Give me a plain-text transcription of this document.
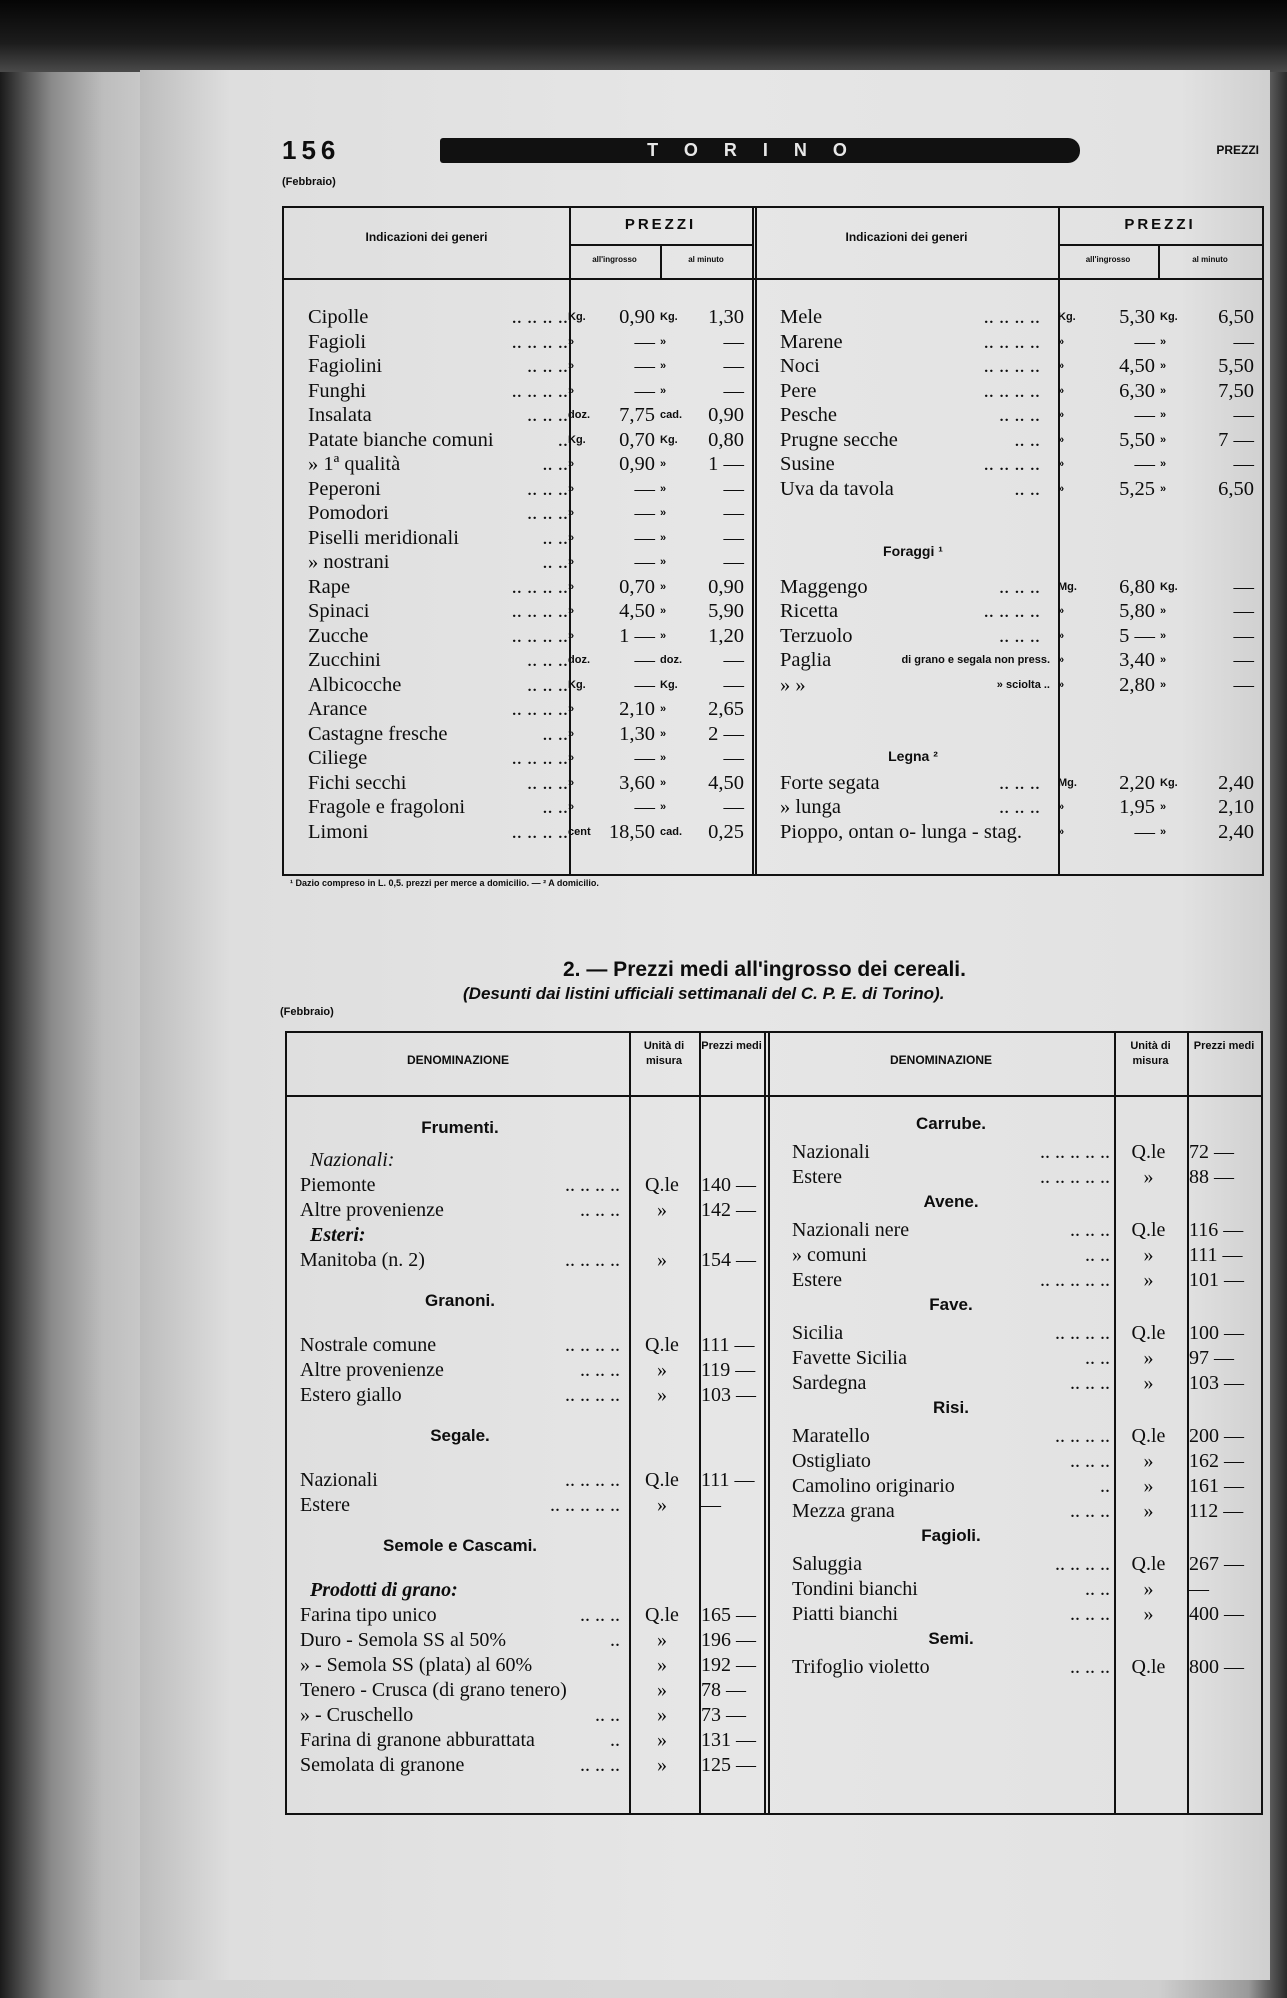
156	TORINO	PREZZI
(Febbraio)
Indicazioni dei generi
PREZZI
all'ingrosso	al minuto
Indicazioni dei generi
PREZZI
all'ingrosso	al minuto
Cipolle	.. .. .. .. Kg.	0,90 Kg.	1,30
Fagioli	.. .. .. .. »	— »	—
Fagiolini	.. .. .. »	— »	—
Funghi	.. .. .. .. »	— »	—
Insalata	.. .. .. doz.	7,75 cad.	0,90
Patate bianche comuni	.. Kg.	0,70 Kg.	0,80
» 1ª qualità	.. .. »	0,90 »	1 —
Peperoni	.. .. .. »	— »	—
Pomodori	.. .. .. »	— »	—
Piselli meridionali	.. .. »	— »	—
» nostrani	.. .. »	— »	—
Rape	.. .. .. .. »	0,70 »	0,90
Spinaci	.. .. .. .. »	4,50 »	5,90
Zucche	.. .. .. .. »	1 — »	1,20
Zucchini	.. .. .. doz.	— doz.	—
Albicocche	.. .. .. Kg.	— Kg.	—
Arance	.. .. .. .. »	2,10 »	2,65
Castagne fresche	.. .. »	1,30 »	2 —
Ciliege	.. .. .. .. »	— »	—
Fichi secchi	.. .. .. »	3,60 »	4,50
Fragole e fragoloni	.. .. »	— »	—
Limoni	.. .. .. .. cent 18,50 cad.	0,25
Mele	.. .. .. .. Kg.	5,30 Kg.	6,50
Marene	.. .. .. .. »	— »	—
Noci	.. .. .. .. »	4,50 »	5,50
Pere	.. .. .. .. »	6,30 »	7,50
Pesche	.. .. .. »	— »	—
Prugne secche	.. .. »	5,50 »	7 —
Susine	.. .. .. .. »	— »	—
Uva da tavola	.. .. »	5,25 »	6,50
Foraggi ¹
Maggengo	.. .. .. Mg.	6,80 Kg.	—
Ricetta	.. .. .. .. »	5,80 »	—
Terzuolo	.. .. .. »	5 — »	—
Paglia	di grano e segala non press. »	3,40 »	—
» »	» sciolta .. »	2,80 »	—
Legna ²
Forte segata	.. .. .. Mg.	2,20 Kg.	2,40
» lunga	.. .. .. »	1,95 »	2,10
Pioppo, ontan o- lunga - stag.	»	— »	2,40
¹ Dazio compreso in L. 0,5. prezzi per merce a domicilio. — ² A domicilio.
2. — Prezzi medi all'ingrosso dei cereali.
(Desunti dai listini ufficiali settimanali del C. P. E. di Torino).
(Febbraio)
DENOMINAZIONE
Unità di misura
Prezzi medi
DENOMINAZIONE
Unità di misura
Prezzi medi
Frumenti.
Nazionali:
Piemonte	.. .. .. ..	Q.le	140 —
Altre provenienze	.. .. ..	»	142 —
Esteri:
Manitoba (n. 2)	.. .. .. ..	»	154 —
Granoni.
Nostrale comune	.. .. .. ..	Q.le	111 —
Altre provenienze	.. .. ..	»	119 —
Estero giallo	.. .. .. ..	»	103 —
Segale.
Nazionali	.. .. .. ..	Q.le	111 —
Estere	.. .. .. .. ..	»	—
Semole e Cascami.
Prodotti di grano:
Farina tipo unico	.. .. ..	Q.le	165 —
Duro - Semola SS al 50%	..	»	196 —
» - Semola SS (plata) al 60%	»	192 —
Tenero - Crusca (di grano tenero)	»	78 —
» - Cruschello	.. ..	»	73 —
Farina di granone abburattata	..	»	131 —
Semolata di granone	.. .. ..	»	125 —
Carrube.
Nazionali	.. .. .. .. ..	Q.le	72 —
Estere	.. .. .. .. ..	»	88 —
Avene.
Nazionali nere	.. .. ..	Q.le	116 —
» comuni	.. ..	»	111 —
Estere	.. .. .. .. ..	»	101 —
Fave.
Sicilia	.. .. .. ..	Q.le	100 —
Favette Sicilia	.. ..	»	97 —
Sardegna	.. .. ..	»	103 —
Risi.
Maratello	.. .. .. ..	Q.le	200 —
Ostigliato	.. .. ..	»	162 —
Camolino originario	..	»	161 —
Mezza grana	.. .. ..	»	112 —
Fagioli.
Saluggia	.. .. .. ..	Q.le	267 —
Tondini bianchi	.. ..	»	—
Piatti bianchi	.. .. ..	»	400 —
Semi.
Trifoglio violetto	.. .. ..	Q.le	800 —
